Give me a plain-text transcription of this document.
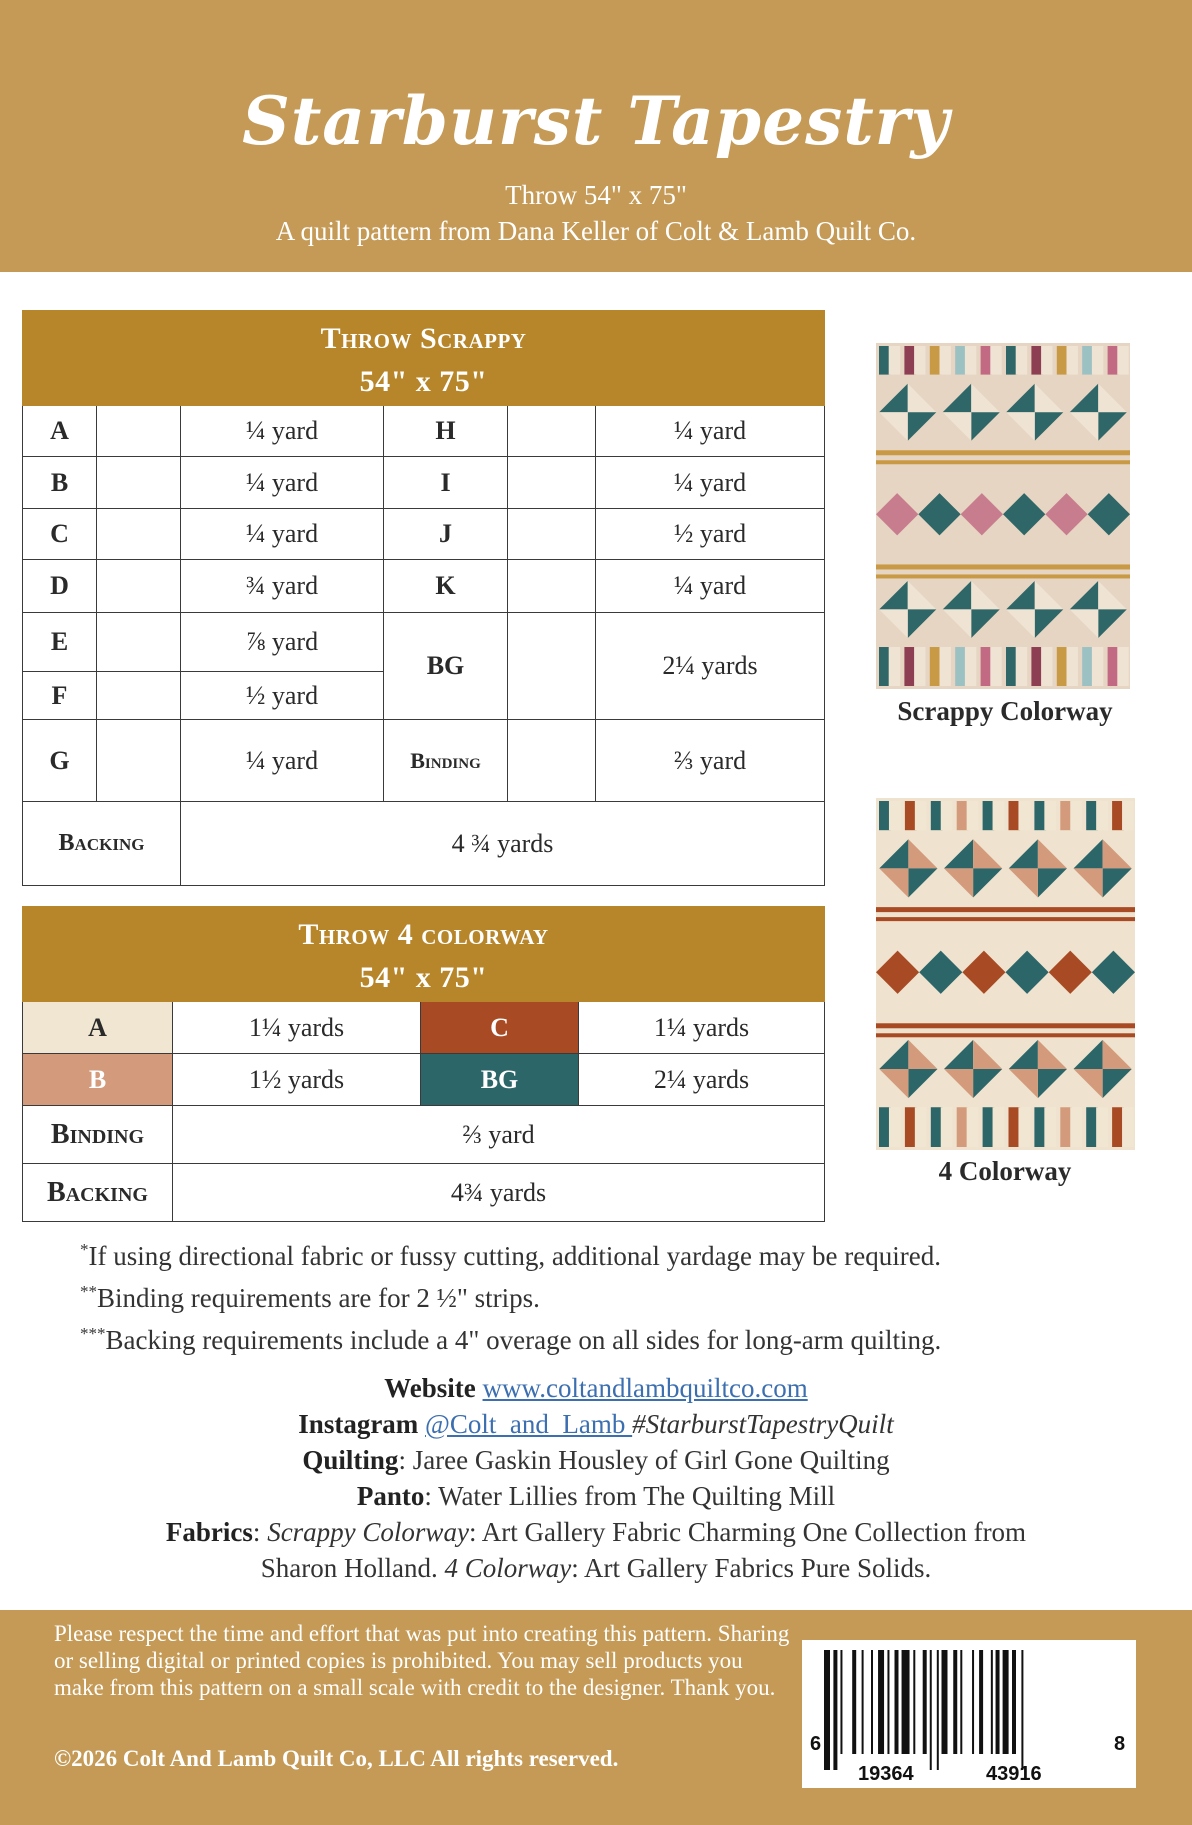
Starburst Tapestry
Throw 54" x 75"
A quilt pattern from Dana Keller of Colt & Lamb Quilt Co.
Throw Scrappy
54" x 75"					

A		¼ yard	H		¼ yard
B		¼ yard	I		¼ yard
C		¼ yard	J		½ yard
D		¾ yard	K		¼ yard
E		⅞ yard	BG		2¼ yards
F		½ yard			
G		¼ yard	Binding		⅔ yard
Backing		4 ¾ yards			
Throw 4 colorway
54" x 75"			

A	1¼ yards	C	1¼ yards
B	1½ yards	BG	2¼ yards
Binding	⅔ yard		
Backing	4¾ yards		
Scrappy Colorway
4 Colorway
*If using directional fabric or fussy cutting, additional yardage may be required.
**Binding requirements are for 2 ½" strips.
***Backing requirements include a 4" overage on all sides for long-arm quilting.
Website www.coltandlambquiltco.com
Instagram @Colt_and_Lamb #StarburstTapestryQuilt
Quilting: Jaree Gaskin Housley of Girl Gone Quilting
Panto: Water Lillies from The Quilting Mill
Fabrics: Scrappy Colorway: Art Gallery Fabric Charming One Collection from
Sharon Holland. 4 Colorway: Art Gallery Fabrics Pure Solids.
Please respect the time and effort that was put into creating this pattern. Sharing or selling digital or printed copies is prohibited. You may sell products you make from this pattern on a small scale with credit to the designer. Thank you.
©2026 Colt And Lamb Quilt Co, LLC All rights reserved.
6
19364	43916
8
